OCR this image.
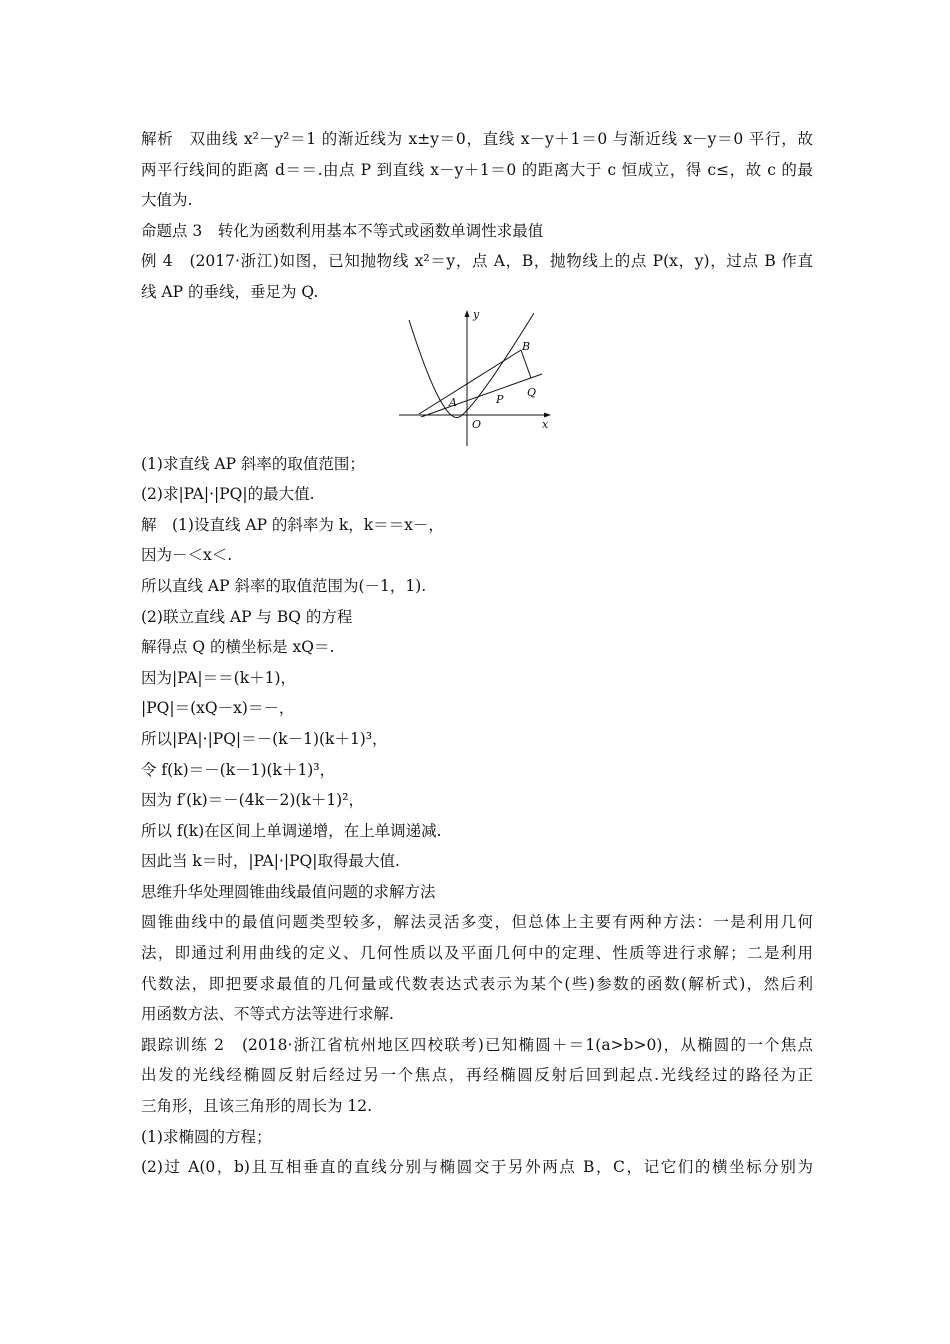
解析　双曲线 x²－y²＝1 的渐近线为 x±y＝0，直线 x－y＋1＝0 与渐近线 x－y＝0 平行，故
两平行线间的距离 d＝＝.由点 P 到直线 x－y＋1＝0 的距离大于 c 恒成立，得 c≤，故 c 的最
大值为.
命题点 3　转化为函数利用基本不等式或函数单调性求最值
例 4　(2017·浙江)如图，已知抛物线 x²＝y，点 A，B，抛物线上的点 P(x，y)，过点 B 作直
线 AP 的垂线，垂足为 Q.
y
x
O
A
B
P
Q
(1)求直线 AP 斜率的取值范围；
(2)求|PA|·|PQ|的最大值.
解　(1)设直线 AP 的斜率为 k，k＝＝x－，
因为－＜x＜.
所以直线 AP 斜率的取值范围为(－1，1).
(2)联立直线 AP 与 BQ 的方程
解得点 Q 的横坐标是 xQ＝.
因为|PA|＝＝(k＋1)，
|PQ|＝(xQ－x)＝－，
所以|PA|·|PQ|＝－(k－1)(k＋1)³，
令 f(k)＝－(k－1)(k＋1)³，
因为 f′(k)＝－(4k－2)(k＋1)²，
所以 f(k)在区间上单调递增，在上单调递减.
因此当 k＝时，|PA|·|PQ|取得最大值.
思维升华处理圆锥曲线最值问题的求解方法
圆锥曲线中的最值问题类型较多，解法灵活多变，但总体上主要有两种方法：一是利用几何
法，即通过利用曲线的定义、几何性质以及平面几何中的定理、性质等进行求解；二是利用
代数法，即把要求最值的几何量或代数表达式表示为某个(些)参数的函数(解析式)，然后利
用函数方法、不等式方法等进行求解.
跟踪训练 2　(2018·浙江省杭州地区四校联考)已知椭圆＋＝1(a>b>0)，从椭圆的一个焦点
出发的光线经椭圆反射后经过另一个焦点，再经椭圆反射后回到起点.光线经过的路径为正
三角形，且该三角形的周长为 12.
(1)求椭圆的方程；
(2)过 A(0，b)且互相垂直的直线分别与椭圆交于另外两点 B，C，记它们的横坐标分别为
